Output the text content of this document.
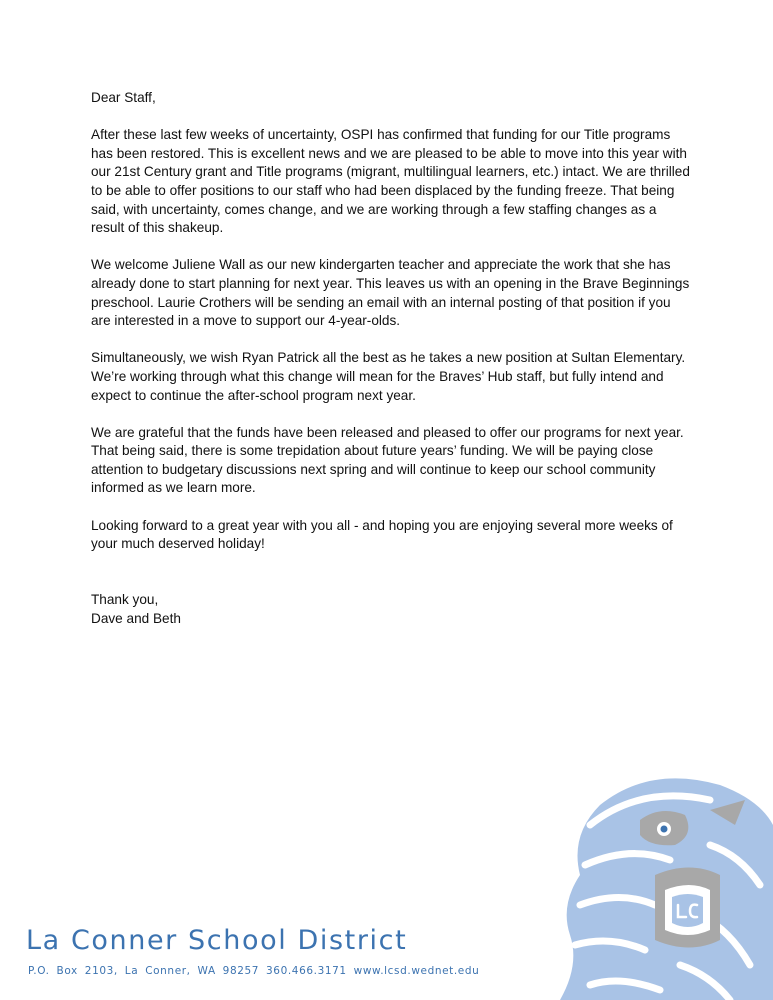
Dear Staff,

After these last few weeks of uncertainty, OSPI has confirmed that funding for our Title programs has been restored. This is excellent news and we are pleased to be able to move into this year with our 21st Century grant and Title programs (migrant, multilingual learners, etc.) intact. We are thrilled to be able to offer positions to our staff who had been displaced by the funding freeze. That being said, with uncertainty, comes change, and we are working through a few staffing changes as a result of this shakeup.

We welcome Juliene Wall as our new kindergarten teacher and appreciate the work that she has already done to start planning for next year. This leaves us with an opening in the Brave Beginnings preschool. Laurie Crothers will be sending an email with an internal posting of that position if you are interested in a move to support our 4-year-olds.

Simultaneously, we wish Ryan Patrick all the best as he takes a new position at Sultan Elementary. We’re working through what this change will mean for the Braves’ Hub staff, but fully intend and expect to continue the after-school program next year.

We are grateful that the funds have been released and pleased to offer our programs for next year. That being said, there is some trepidation about future years’ funding. We will be paying close attention to budgetary discussions next spring and will continue to keep our school community informed as we learn more.

Looking forward to a great year with you all - and hoping you are enjoying several more weeks of your much deserved holiday!

Thank you,
Dave and Beth
La Conner School District
P.O. Box 2103, La Conner, WA 98257 360.466.3171 www.lcsd.wednet.edu
